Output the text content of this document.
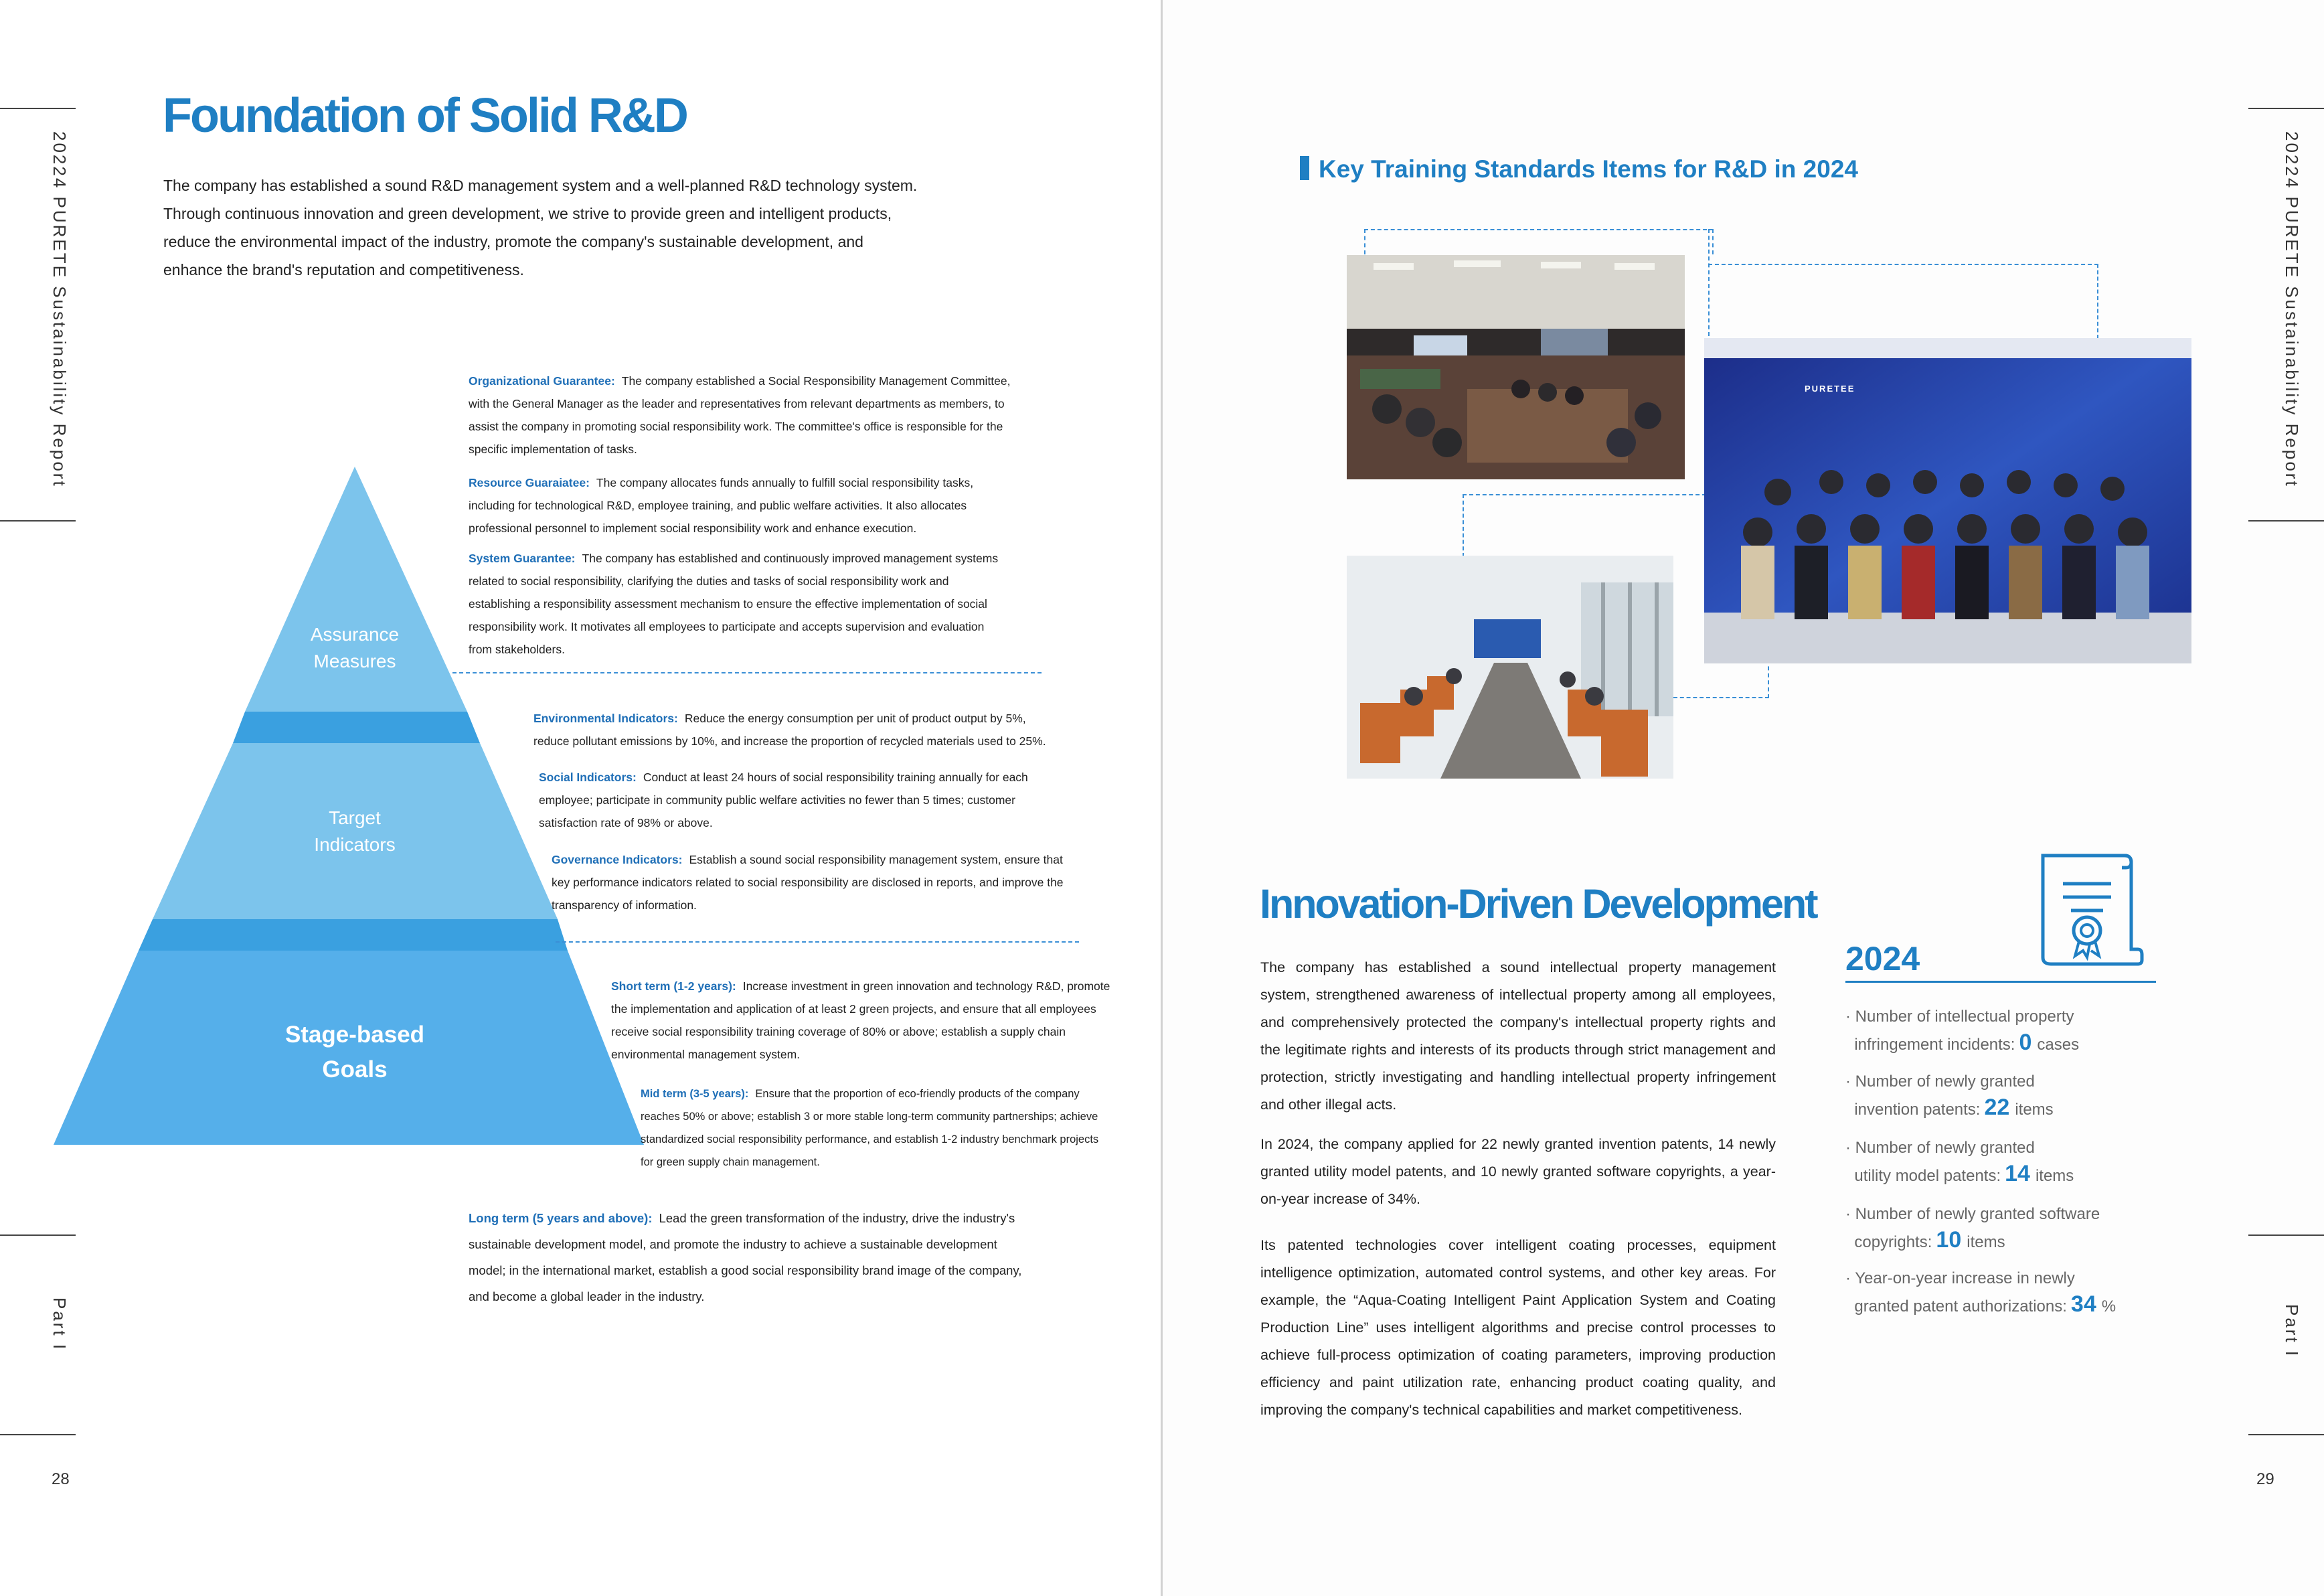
20224 PURETE Sustainability Report
Part I
28
Foundation of Solid R&D

The company has established a sound R&D management system and a well-planned R&D technology system.

Through continuous innovation and green development, we strive to provide green and intelligent products,

reduce the environmental impact of the industry, promote the company's sustainable development, and

enhance the brand's reputation and competitiveness.

Assurance
Measures
Target
Indicators
Stage-based
Goals
Organizational Guarantee: The company established a Social Responsibility Management Committee,
with the General Manager as the leader and representatives from relevant departments as members, to
assist the company in promoting social responsibility work. The committee's office is responsible for the
specific implementation of tasks.
Resource Guaraiatee: The company allocates funds annually to fulfill social responsibility tasks,
including for technological R&D, employee training, and public welfare activities. It also allocates
professional personnel to implement social responsibility work and enhance execution.
System Guarantee: The company has established and continuously improved management systems
related to social responsibility, clarifying the duties and tasks of social responsibility work and
establishing a responsibility assessment mechanism to ensure the effective implementation of social
responsibility work. It motivates all employees to participate and accepts supervision and evaluation
from stakeholders.
Environmental Indicators: Reduce the energy consumption per unit of product output by 5%,
reduce pollutant emissions by 10%, and increase the proportion of recycled materials used to 25%.
Social Indicators: Conduct at least 24 hours of social responsibility training annually for each
employee; participate in community public welfare activities no fewer than 5 times; customer
satisfaction rate of 98% or above.
Governance Indicators: Establish a sound social responsibility management system, ensure that
key performance indicators related to social responsibility are disclosed in reports, and improve the
transparency of information.
Short term (1-2 years): Increase investment in green innovation and technology R&D, promote
the implementation and application of at least 2 green projects, and ensure that all employees
receive social responsibility training coverage of 80% or above; establish a supply chain
environmental management system.
Mid term (3-5 years): Ensure that the proportion of eco-friendly products of the company
reaches 50% or above; establish 3 or more stable long-term community partnerships; achieve
standardized social responsibility performance, and establish 1-2 industry benchmark projects
for green supply chain management.
Long term (5 years and above): Lead the green transformation of the industry, drive the industry's
sustainable development model, and promote the industry to achieve a sustainable development
model; in the international market, establish a good social responsibility brand image of the company,
and become a global leader in the industry.
20224 PURETE Sustainability Report
Part I
29
Key Training Standards Items for R&D in 2024
PURETEE
Innovation-Driven Development

The company has established a sound intellectual property management system, strengthened awareness of intellectual property among all employees, and comprehensively protected the company's intellectual property rights and the legitimate rights and interests of its products through strict management and protection, strictly investigating and handling intellectual property infringement and other illegal acts.

In 2024, the company applied for 22 newly granted invention patents, 14 newly granted utility model patents, and 10 newly granted software copyrights, a year-on-year increase of 34%.

Its patented technologies cover intelligent coating processes, equipment intelligence optimization, automated control systems, and other key areas. For example, the “Aqua-Coating Intelligent Paint Application System and Coating Production Line” uses intelligent algorithms and precise control processes to achieve full-process optimization of coating parameters, improving production efficiency and paint utilization rate, enhancing product coating quality, and improving the company's technical capabilities and market competitiveness.

2024
· Number of intellectual property
infringement incidents: 0 cases
· Number of newly granted
invention patents: 22 items
· Number of newly granted
utility model patents: 14 items
· Number of newly granted software
copyrights: 10 items
· Year-on-year increase in newly
granted patent authorizations: 34 %
